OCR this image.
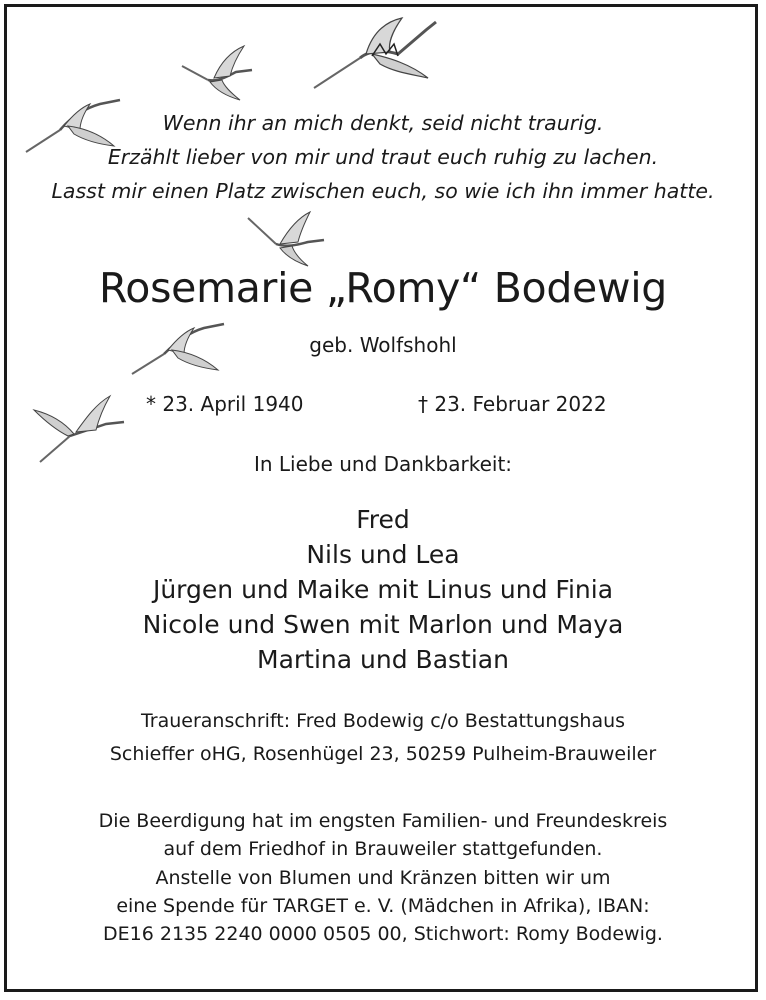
Wenn ihr an mich denkt, seid nicht traurig.
Erzählt lieber von mir und traut euch ruhig zu lachen.
Lasst mir einen Platz zwischen euch, so wie ich ihn immer hatte.
Rosemarie „Romy“ Bodewig
geb. Wolfshohl
* 23. April 1940	† 23. Februar 2022
In Liebe und Dankbarkeit:
Fred
Nils und Lea
Jürgen und Maike mit Linus und Finia
Nicole und Swen mit Marlon und Maya
Martina und Bastian
Traueranschrift: Fred Bodewig c/o Bestattungshaus
Schieffer oHG, Rosenhügel 23, 50259 Pulheim-Brauweiler
Die Beerdigung hat im engsten Familien- und Freundeskreis
auf dem Friedhof in Brauweiler stattgefunden.
Anstelle von Blumen und Kränzen bitten wir um
eine Spende für TARGET e. V. (Mädchen in Afrika), IBAN:
DE16 2135 2240 0000 0505 00, Stichwort: Romy Bodewig.
